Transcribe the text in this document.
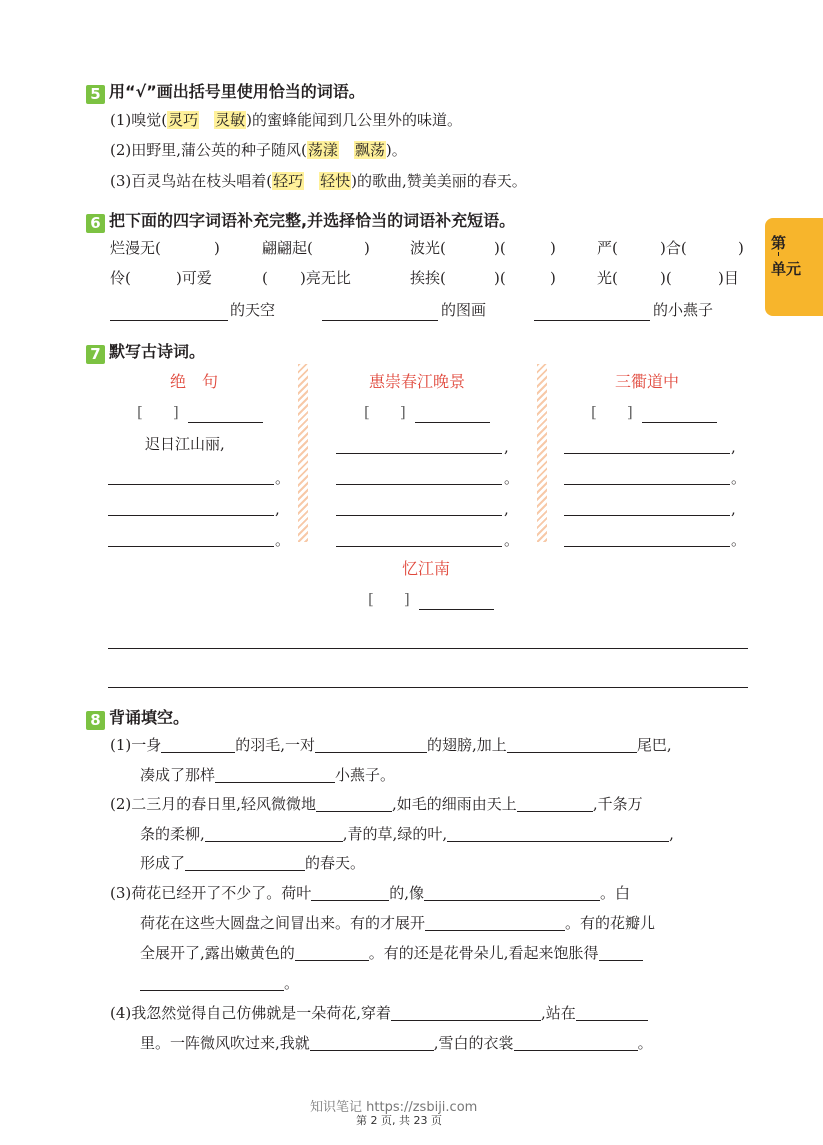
第
单元
5 用“√”画出括号里使用恰当的词语。
(1)嗅觉(灵巧　 灵敏)的蜜蜂能闻到几公里外的味道。
(2)田野里,蒲公英的种子随风(荡漾　 飘荡)。
(3)百灵鸟站在枝头唱着(轻巧　 轻快)的歌曲,赞美美丽的春天。
6 把下面的四字词语补充完整,并选择恰当的词语补充短语。
烂漫无(	)	翩翩起(	)	波光(	)(	)	严(	)合(	)
伶(	)可爱	( )亮无比	挨挨(	)(	)	光(	)(	)目
的天空	的图画	的小燕子
7 默写古诗词。
绝　句
[　　]
迟日江山丽,
。
,
。
惠崇春江晚景
[　　]
,
。
,
。
三衢道中
[　　]
,
。
,
。
忆江南
[　　]
8 背诵填空。
(1)一身	的羽毛,一对	的翅膀,加上	尾巴,
凑成了那样	小燕子。
(2)二三月的春日里,轻风微微地	,如毛的细雨由天上	,千条万
条的柔柳,	,青的草,绿的叶,	,
形成了	的春天。
(3)荷花已经开了不少了。荷叶	的,像	。白
荷花在这些大圆盘之间冒出来。有的才展开	。有的花瓣儿
全展开了,露出嫩黄色的	。有的还是花骨朵儿,看起来饱胀得
。
(4)我忽然觉得自己仿佛就是一朵荷花,穿着	,站在
里。一阵微风吹过来,我就	,雪白的衣裳	。
知识笔记 https://zsbiji.com
第 2 页, 共 23 页
